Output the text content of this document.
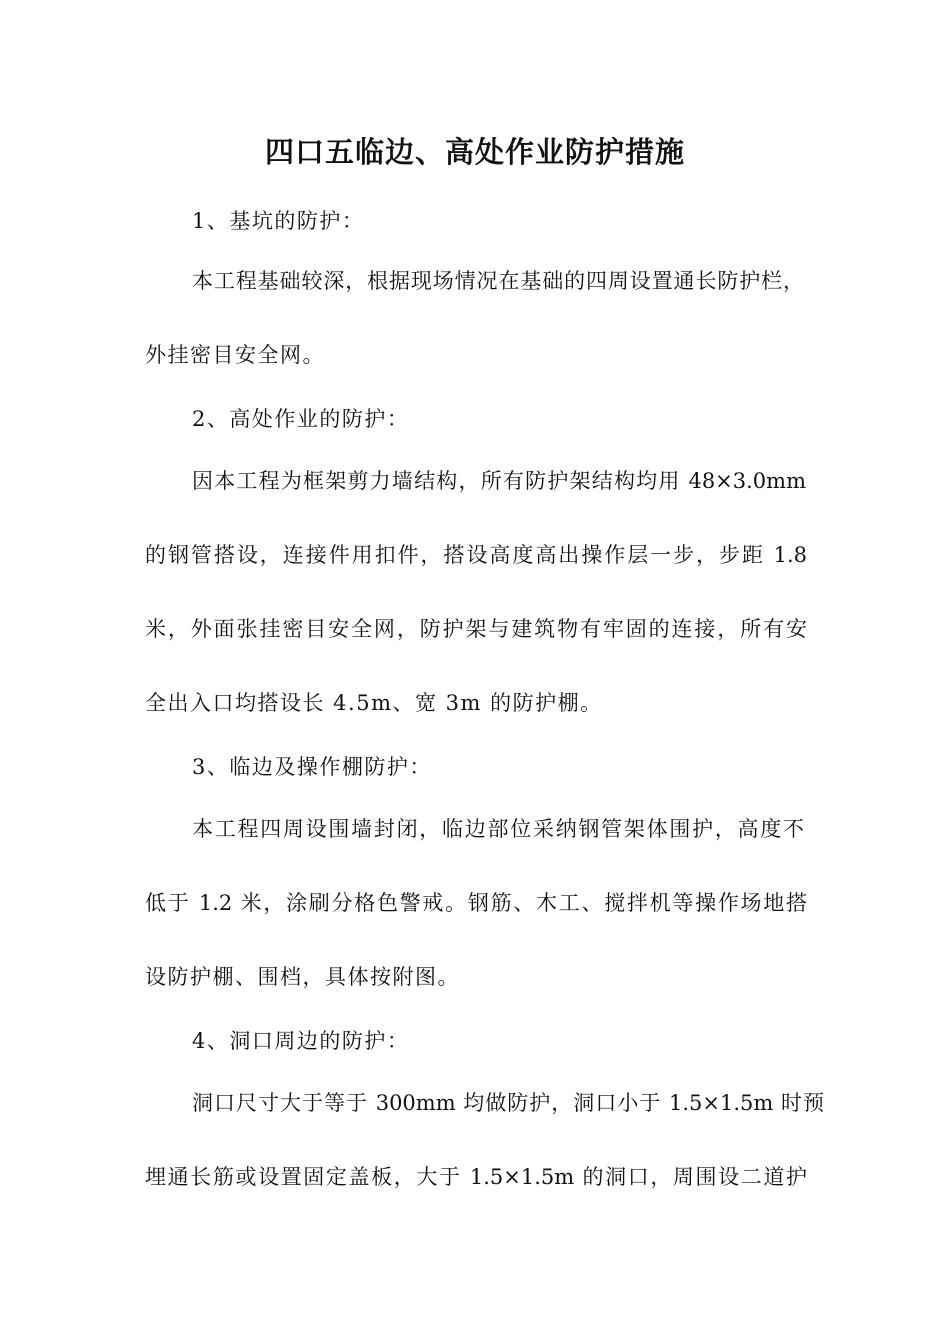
四口五临边、高处作业防护措施

1、基坑的防护：

本工程基础较深，根据现场情况在基础的四周设置通长防护栏，

外挂密目安全网。

2、高处作业的防护：

因本工程为框架剪力墙结构，所有防护架结构均用 48×3.0mm

的钢管搭设，连接件用扣件，搭设高度高出操作层一步，步距 1.8

米，外面张挂密目安全网，防护架与建筑物有牢固的连接，所有安

全出入口均搭设长 4.5m、宽 3m 的防护棚。

3、临边及操作棚防护：

本工程四周设围墙封闭，临边部位采纳钢管架体围护，高度不

低于 1.2 米，涂刷分格色警戒。钢筋、木工、搅拌机等操作场地搭

设防护棚、围档，具体按附图。

4、洞口周边的防护：

洞口尺寸大于等于 300mm 均做防护，洞口小于 1.5×1.5m 时预

埋通长筋或设置固定盖板，大于 1.5×1.5m 的洞口，周围设二道护
